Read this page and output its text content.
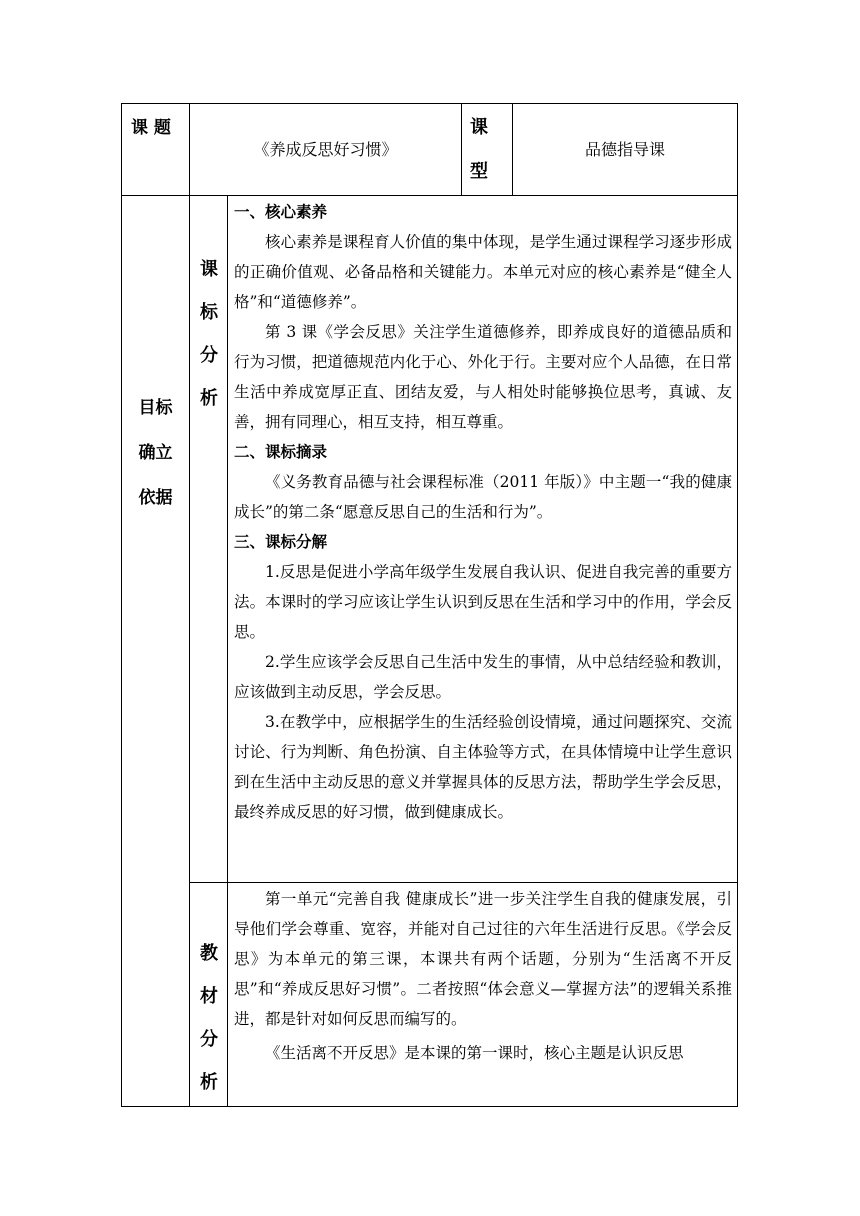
课 题
《养成反思好习惯》
课
型
品德指导课
目标
确立
依据
课
标
分
析

一、核心素养

核心素养是课程育人价值的集中体现，是学生通过课程学习逐步形成的正确价值观、必备品格和关键能力。本单元对应的核心素养是“健全人格”和“道德修养”。

第 3 课《学会反思》关注学生道德修养，即养成良好的道德品质和行为习惯，把道德规范内化于心、外化于行。主要对应个人品德，在日常生活中养成宽厚正直、团结友爱，与人相处时能够换位思考，真诚、友善，拥有同理心，相互支持，相互尊重。

二、课标摘录

《义务教育品德与社会课程标准（2011 年版）》中主题一“我的健康成长”的第二条“愿意反思自己的生活和行为”。

三、课标分解

1.反思是促进小学高年级学生发展自我认识、促进自我完善的重要方法。本课时的学习应该让学生认识到反思在生活和学习中的作用，学会反思。

2.学生应该学会反思自己生活中发生的事情，从中总结经验和教训，应该做到主动反思，学会反思。

3.在教学中，应根据学生的生活经验创设情境，通过问题探究、交流讨论、行为判断、角色扮演、自主体验等方式，在具体情境中让学生意识到在生活中主动反思的意义并掌握具体的反思方法，帮助学生学会反思，最终养成反思的好习惯，做到健康成长。

教
材
分
析

第一单元“完善自我 健康成长”进一步关注学生自我的健康发展，引导他们学会尊重、宽容，并能对自己过往的六年生活进行反思。《学会反思》为本单元的第三课，本课共有两个话题，分别为“生活离不开反思”和“养成反思好习惯”。二者按照“体会意义—掌握方法”的逻辑关系推进，都是针对如何反思而编写的。

《生活离不开反思》是本课的第一课时，核心主题是认识反思
